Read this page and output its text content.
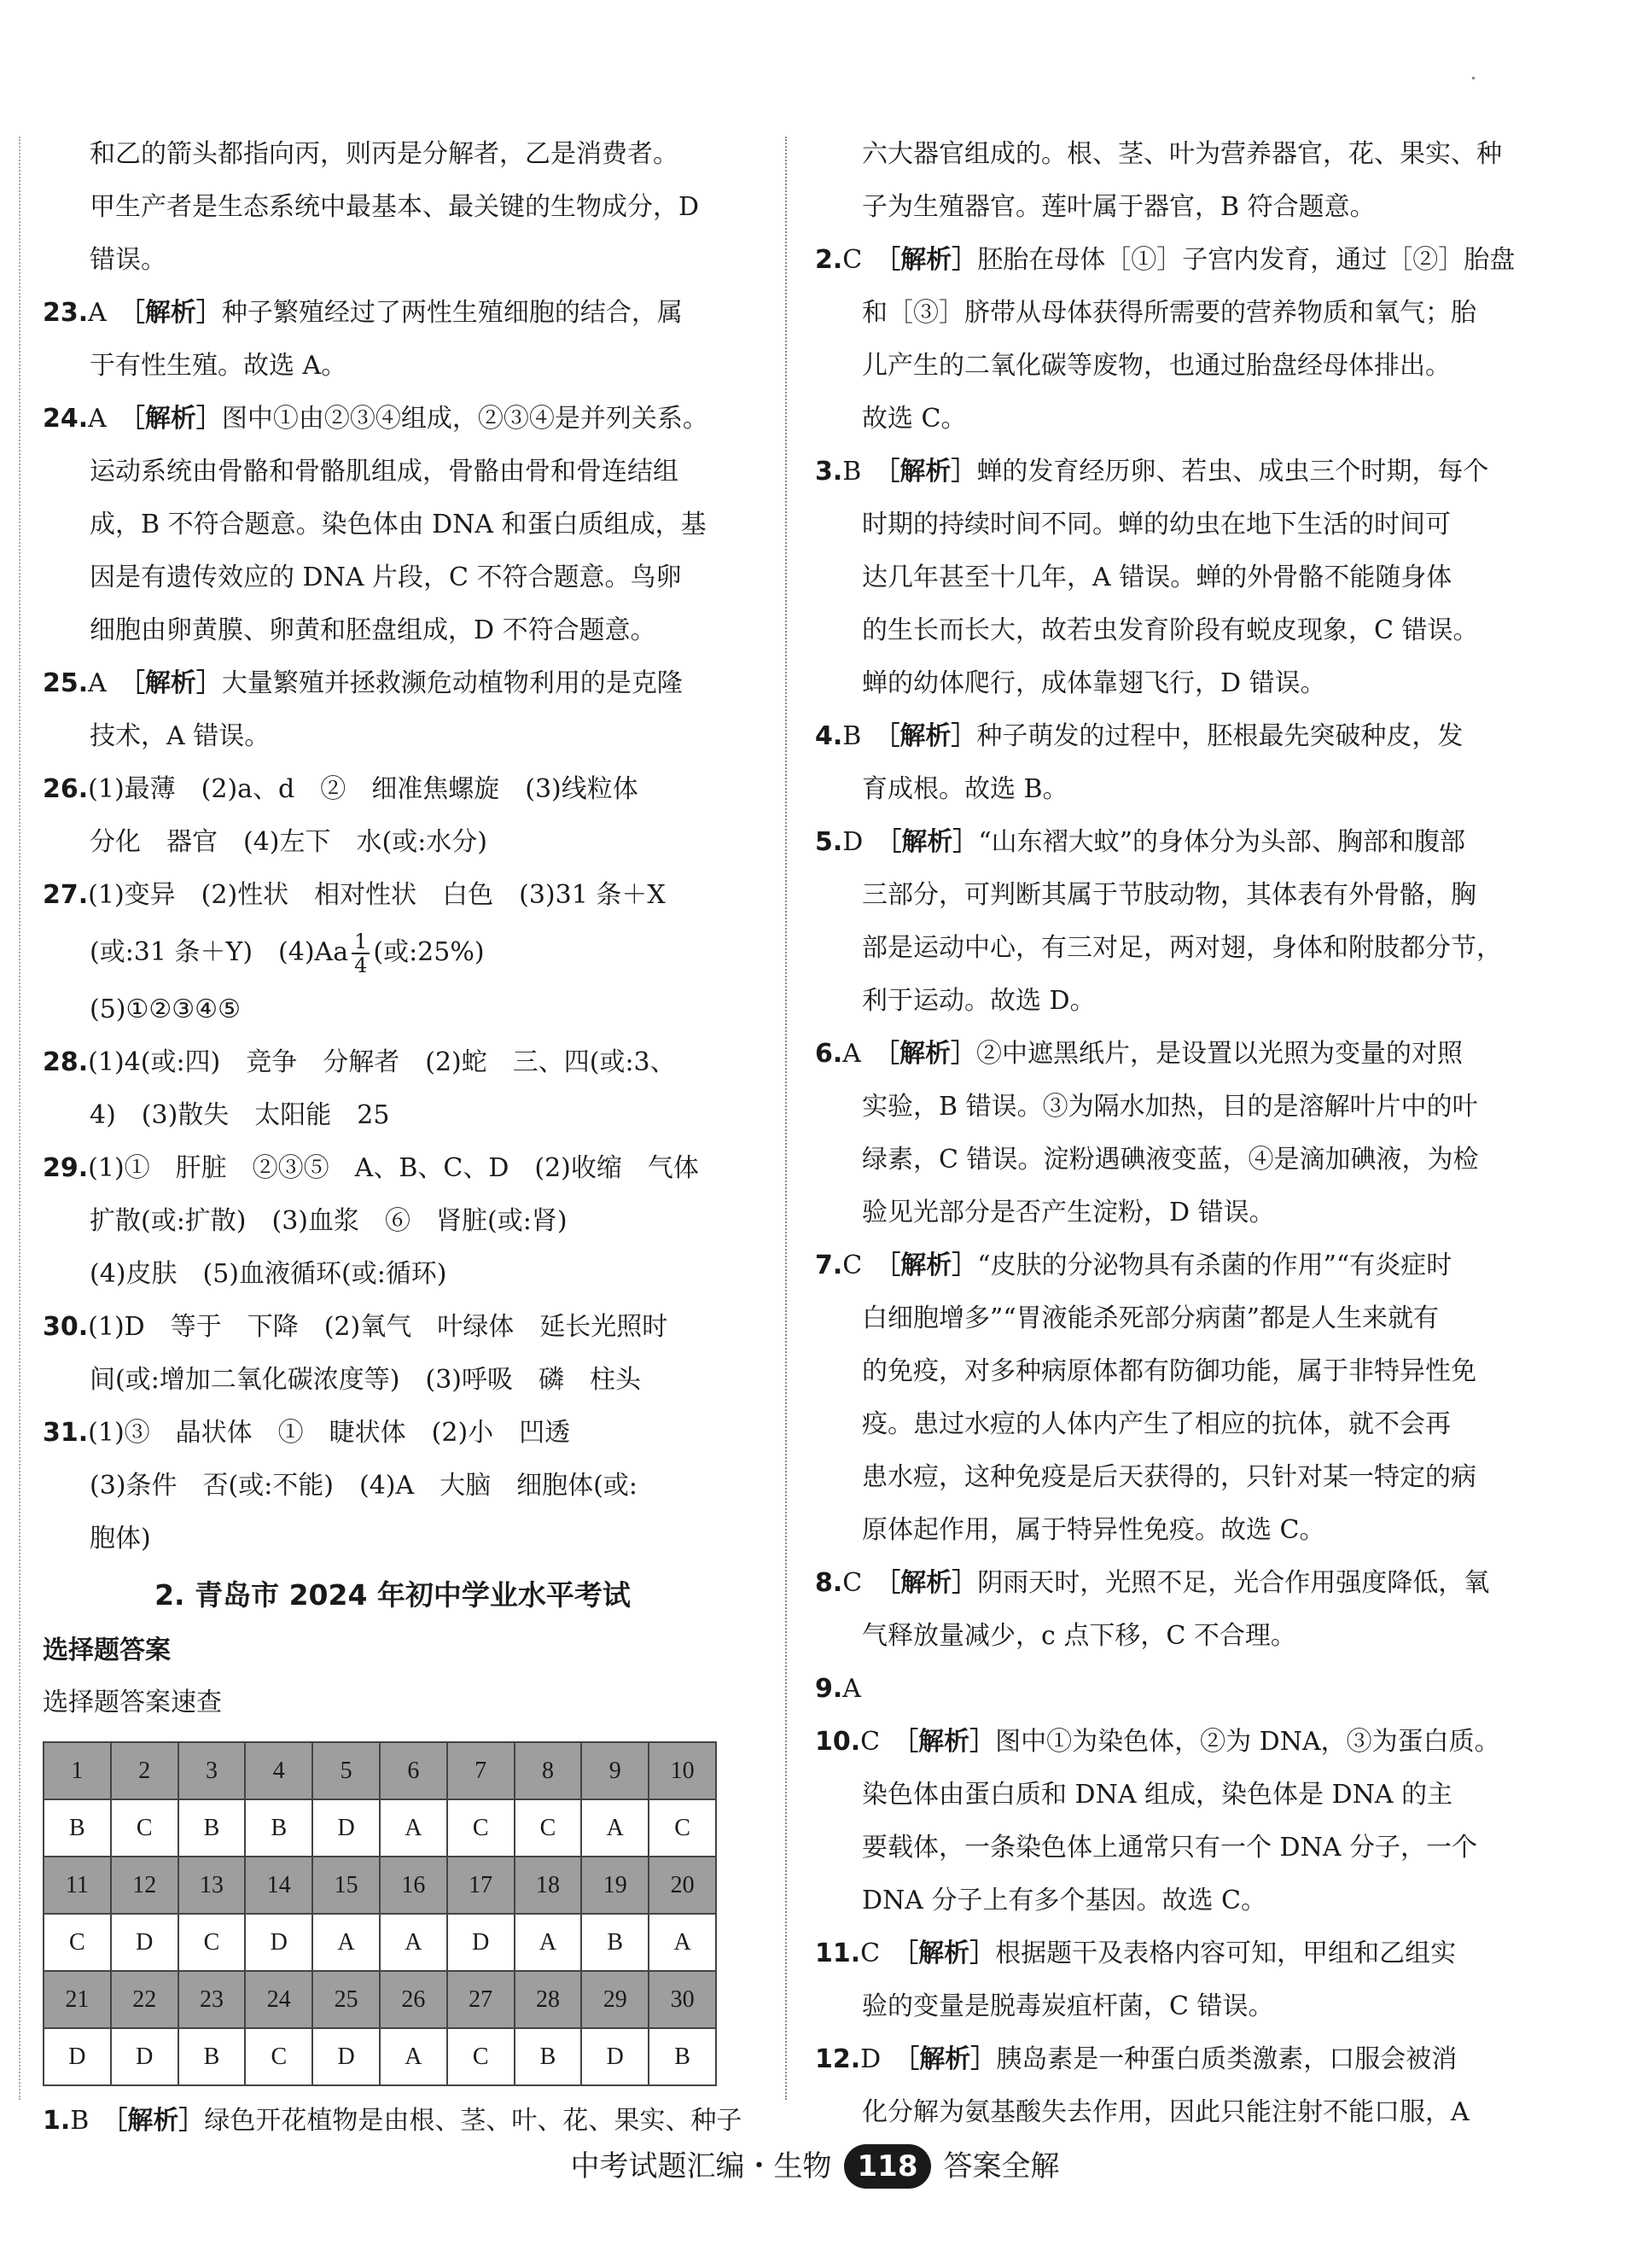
和乙的箭头都指向丙，则丙是分解者，乙是消费者。
甲生产者是生态系统中最基本、最关键的生物成分，D
错误。
23.A　 ［解析］种子繁殖经过了两性生殖细胞的结合，属
于有性生殖。故选 A。
24.A　 ［解析］图中①由②③④组成，②③④是并列关系。
运动系统由骨骼和骨骼肌组成，骨骼由骨和骨连结组
成，B 不符合题意。染色体由 DNA 和蛋白质组成，基
因是有遗传效应的 DNA 片段，C 不符合题意。鸟卵
细胞由卵黄膜、卵黄和胚盘组成，D 不符合题意。
25.A　 ［解析］大量繁殖并拯救濒危动植物利用的是克隆
技术，A 错误。
26.(1)最薄　(2)a、d　②　细准焦螺旋　(3)线粒体
分化　器官　(4)左下　水(或:水分)
27.(1)变异　(2)性状　相对性状　白色　(3)31 条＋X
(或:31 条＋Y)　$(4)Aa \frac{1}{4}$ (或:25%)
(5)①②③④⑤
28.(1)4(或:四)　竞争　分解者　(2)蛇　三、四(或:3、
4)　(3)散失　太阳能　25
29.(1)①　肝脏　②③⑤　A、B、C、D　(2)收缩　气体
扩散(或:扩散)　(3)血浆　⑥　肾脏(或:肾)
(4)皮肤　(5)血液循环(或:循环)
30.(1)D　等于　下降　(2)氧气　叶绿体　延长光照时
间(或:增加二氧化碳浓度等)　(3)呼吸　磷　柱头
31.(1)③　晶状体　①　睫状体　(2)小　凹透
(3)条件　否(或:不能)　(4)A　大脑　细胞体(或:
胞体)
2. 青岛市 2024 年初中学业水平考试
选择题答案
选择题答案速查
1	2	3	4	5	6	7	8	9	10
B	C	B	B	D	A	C	C	A	C
11	12	13	14	15	16	17	18	19	20
C	D	C	D	A	A	D	A	B	A
21	22	23	24	25	26	27	28	29	30
D	D	B	C	D	A	C	B	D	B
1.B　 ［解析］绿色开花植物是由根、茎、叶、花、果实、种子
六大器官组成的。根、茎、叶为营养器官，花、果实、种
子为生殖器官。莲叶属于器官，B 符合题意。
2.C　 ［解析］胚胎在母体［①］子宫内发育，通过［②］胎盘
和［③］脐带从母体获得所需要的营养物质和氧气；胎
儿产生的二氧化碳等废物，也通过胎盘经母体排出。
故选 C。
3.B　 ［解析］蝉的发育经历卵、若虫、成虫三个时期，每个
时期的持续时间不同。蝉的幼虫在地下生活的时间可
达几年甚至十几年，A 错误。蝉的外骨骼不能随身体
的生长而长大，故若虫发育阶段有蜕皮现象，C 错误。
蝉的幼体爬行，成体靠翅飞行，D 错误。
4.B　 ［解析］种子萌发的过程中，胚根最先突破种皮，发
育成根。故选 B。
5.D　 ［解析］“山东褶大蚊”的身体分为头部、胸部和腹部
三部分，可判断其属于节肢动物，其体表有外骨骼，胸
部是运动中心，有三对足，两对翅，身体和附肢都分节，
利于运动。故选 D。
6.A　 ［解析］②中遮黑纸片，是设置以光照为变量的对照
实验，B 错误。③为隔水加热，目的是溶解叶片中的叶
绿素，C 错误。淀粉遇碘液变蓝，④是滴加碘液，为检
验见光部分是否产生淀粉，D 错误。
7.C　 ［解析］“皮肤的分泌物具有杀菌的作用”“有炎症时
白细胞增多”“胃液能杀死部分病菌”都是人生来就有
的免疫，对多种病原体都有防御功能，属于非特异性免
疫。患过水痘的人体内产生了相应的抗体，就不会再
患水痘，这种免疫是后天获得的，只针对某一特定的病
原体起作用，属于特异性免疫。故选 C。
8.C　 ［解析］阴雨天时，光照不足，光合作用强度降低，氧
气释放量减少，c 点下移，C 不合理。
9.A　
10.C　 ［解析］图中①为染色体，②为 DNA，③为蛋白质。
染色体由蛋白质和 DNA 组成，染色体是 DNA 的主
要载体，一条染色体上通常只有一个 DNA 分子，一个
DNA 分子上有多个基因。故选 C。
11.C　 ［解析］根据题干及表格内容可知，甲组和乙组实
验的变量是脱毒炭疽杆菌，C 错误。
12.D　 ［解析］胰岛素是一种蛋白质类激素，口服会被消
化分解为氨基酸失去作用，因此只能注射不能口服，A
中考试题汇编・生物 118 答案全解
